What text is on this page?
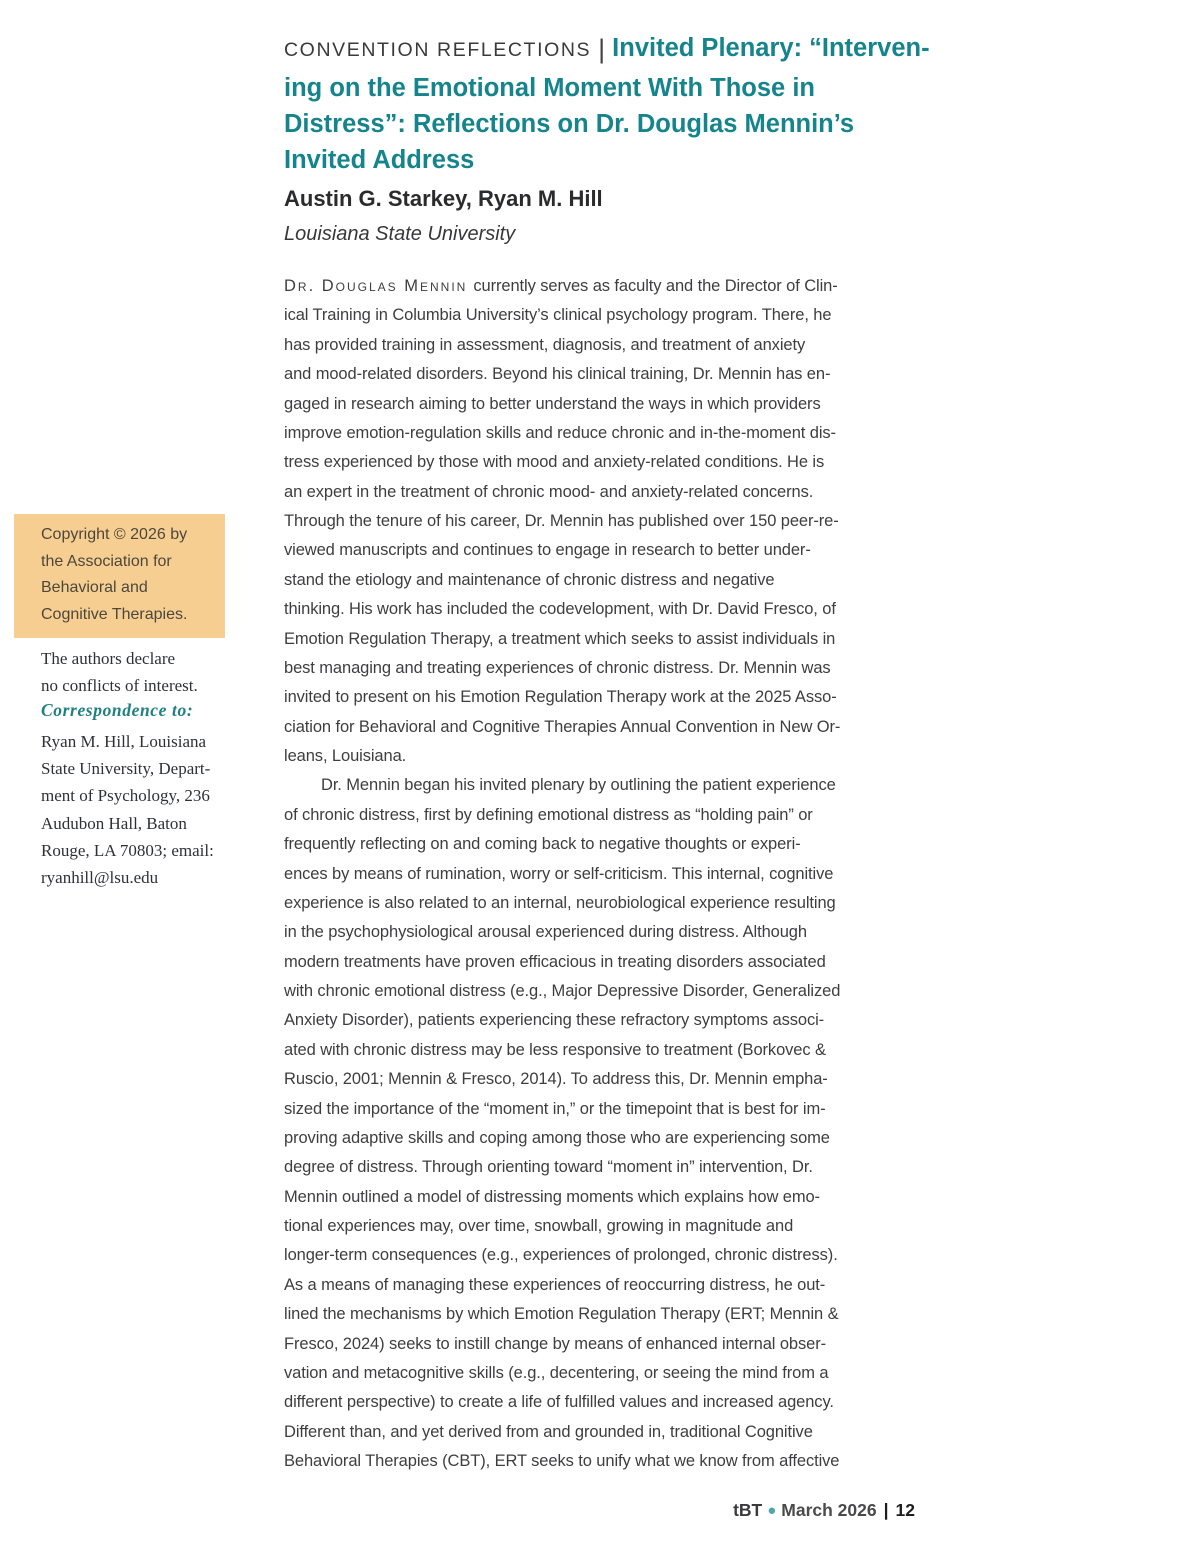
CONVENTION REFLECTIONS | Invited Plenary: “Interven-
ing on the Emotional Moment With Those in
Distress”: Reflections on Dr. Douglas Mennin’s
Invited Address
Austin G. Starkey, Ryan M. Hill
Louisiana State University
Copyright © 2026 by
the Association for
Behavioral and
Cognitive Therapies.
The authors declare
no conflicts of interest.
Correspondence to:
Ryan M. Hill, Louisiana
State University, Depart-
ment of Psychology, 236
Audubon Hall, Baton
Rouge, LA 70803; email:
ryanhill@lsu.edu
Dr. Douglas Mennin currently serves as faculty and the Director of Clin-
ical Training in Columbia University’s clinical psychology program. There, he
has provided training in assessment, diagnosis, and treatment of anxiety
and mood-related disorders. Beyond his clinical training, Dr. Mennin has en-
gaged in research aiming to better understand the ways in which providers
improve emotion-regulation skills and reduce chronic and in-the-moment dis-
tress experienced by those with mood and anxiety-related conditions. He is
an expert in the treatment of chronic mood- and anxiety-related concerns.
Through the tenure of his career, Dr. Mennin has published over 150 peer-re-
viewed manuscripts and continues to engage in research to better under-
stand the etiology and maintenance of chronic distress and negative
thinking. His work has included the codevelopment, with Dr. David Fresco, of
Emotion Regulation Therapy, a treatment which seeks to assist individuals in
best managing and treating experiences of chronic distress. Dr. Mennin was
invited to present on his Emotion Regulation Therapy work at the 2025 Asso-
ciation for Behavioral and Cognitive Therapies Annual Convention in New Or-
leans, Louisiana.
Dr. Mennin began his invited plenary by outlining the patient experience
of chronic distress, first by defining emotional distress as “holding pain” or
frequently reflecting on and coming back to negative thoughts or experi-
ences by means of rumination, worry or self-criticism. This internal, cognitive
experience is also related to an internal, neurobiological experience resulting
in the psychophysiological arousal experienced during distress. Although
modern treatments have proven efficacious in treating disorders associated
with chronic emotional distress (e.g., Major Depressive Disorder, Generalized
Anxiety Disorder), patients experiencing these refractory symptoms associ-
ated with chronic distress may be less responsive to treatment (Borkovec &
Ruscio, 2001; Mennin & Fresco, 2014). To address this, Dr. Mennin empha-
sized the importance of the “moment in,” or the timepoint that is best for im-
proving adaptive skills and coping among those who are experiencing some
degree of distress. Through orienting toward “moment in” intervention, Dr.
Mennin outlined a model of distressing moments which explains how emo-
tional experiences may, over time, snowball, growing in magnitude and
longer-term consequences (e.g., experiences of prolonged, chronic distress).
As a means of managing these experiences of reoccurring distress, he out-
lined the mechanisms by which Emotion Regulation Therapy (ERT; Mennin &
Fresco, 2024) seeks to instill change by means of enhanced internal obser-
vation and metacognitive skills (e.g., decentering, or seeing the mind from a
different perspective) to create a life of fulfilled values and increased agency.
Different than, and yet derived from and grounded in, traditional Cognitive
Behavioral Therapies (CBT), ERT seeks to unify what we know from affective
tBT ● March 2026 | 12
